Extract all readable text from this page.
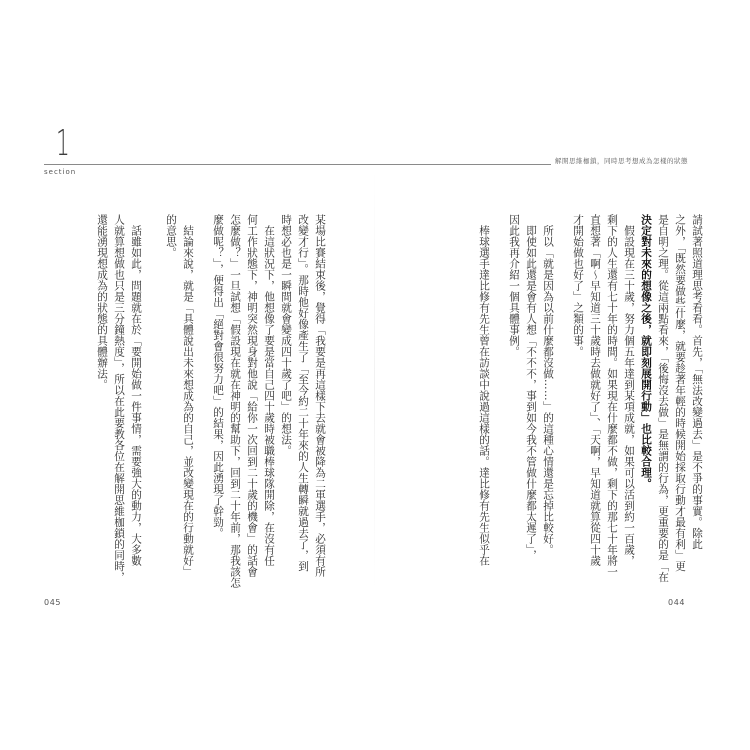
1
section
解開思維枷鎖，同時思考想成為怎樣的狀態
請試著照道理思考看看。首先，「無法改變過去」是不爭的事實。除此
之外，「既然要做些什麼，就要趁著年輕的時候開始採取行動才最有利」更
是自明之理。從這兩點看來，「後悔沒去做」是無謂的行為，更重要的是「在
決定對未來的想像之後，就即刻展開行動」也比較合理。
假設現在三十歲，努力個五年達到某項成就，如果可以活到約一百歲，
剩下的人生還有七十年的時間。如果現在什麼都不做，剩下的那七十年將一
直想著「啊～早知道三十歲時去做就好了」、「天啊，早知道就算從四十歲
才開始做也好了」之類的事。
所以「就是因為以前什麼都沒做……」的這種心情還是忘掉比較好。
即使如此還是會有人想「不不不，事到如今我不管做什麼都太遲了」，
因此我再介紹一個具體事例。
棒球選手達比修有先生曾在訪談中說過這樣的話。達比修有先生似乎在
某場比賽結束後，覺得「我要是再這樣下去就會被降為二軍選手，必須有所
改變才行」。那時他好像產生了「至今約二十年來的人生轉瞬就過去了，到
時想必也是一瞬間就會變成四十歲了吧」的想法。
在這狀況下，他想像了要是當自己四十歲時被職棒球隊開除，在沒有任
何工作狀態下，神明突然現身對他說「給你一次回到二十歲的機會」的話會
怎麼做？」一旦試想「假設現在就在神明的幫助下，回到二十年前，那我該怎
麼做呢？」，便得出「絕對會很努力吧」的結果，因此湧現了幹勁。
結論來說，就是「具體說出未來想成為的自己，並改變現在的行動就好」
的意思。
話雖如此，問題就在於「要開始做一件事情，需要強大的動力，大多數
人就算想做也只是三分鐘熱度」，所以在此要教各位在解開思維枷鎖的同時，
還能湧現想成為的狀態的具體辦法。
045	044
